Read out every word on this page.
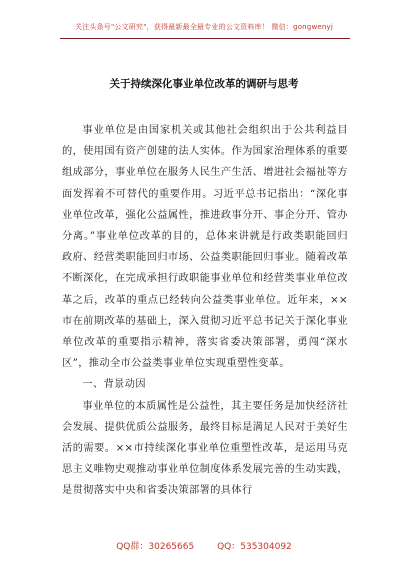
关注头条号"公文研究"，获得最新最全最专业的公文资料库！ 微信：gongwenyj
关于持续深化事业单位改革的调研与思考

事业单位是由国家机关或其他社会组织出于公共利益目的，使用国有资产创建的法人实体。作为国家治理体系的重要组成部分，事业单位在服务人民生产生活、增进社会福祉等方面发挥着不可替代的重要作用。习近平总书记指出：“深化事业单位改革，强化公益属性，推进政事分开、事企分开、管办分离。”事业单位改革的目的，总体来讲就是行政类职能回归政府、经营类职能回归市场、公益类职能回归事业。随着改革不断深化，在完成承担行政职能事业单位和经营类事业单位改革之后，改革的重点已经转向公益类事业单位。近年来，××市在前期改革的基础上，深入贯彻习近平总书记关于深化事业单位改革的重要指示精神，落实省委决策部署，勇闯“深水区”，推动全市公益类事业单位实现重塑性变革。

一、背景动因

事业单位的本质属性是公益性，其主要任务是加快经济社会发展、提供优质公益服务，最终目标是满足人民对于美好生活的需要。××市持续深化事业单位重塑性改革，是运用马克思主义唯物史观推动事业单位制度体系发展完善的生动实践，是贯彻落实中央和省委决策部署的具体行

QQ群：30265665	QQ：535304092
